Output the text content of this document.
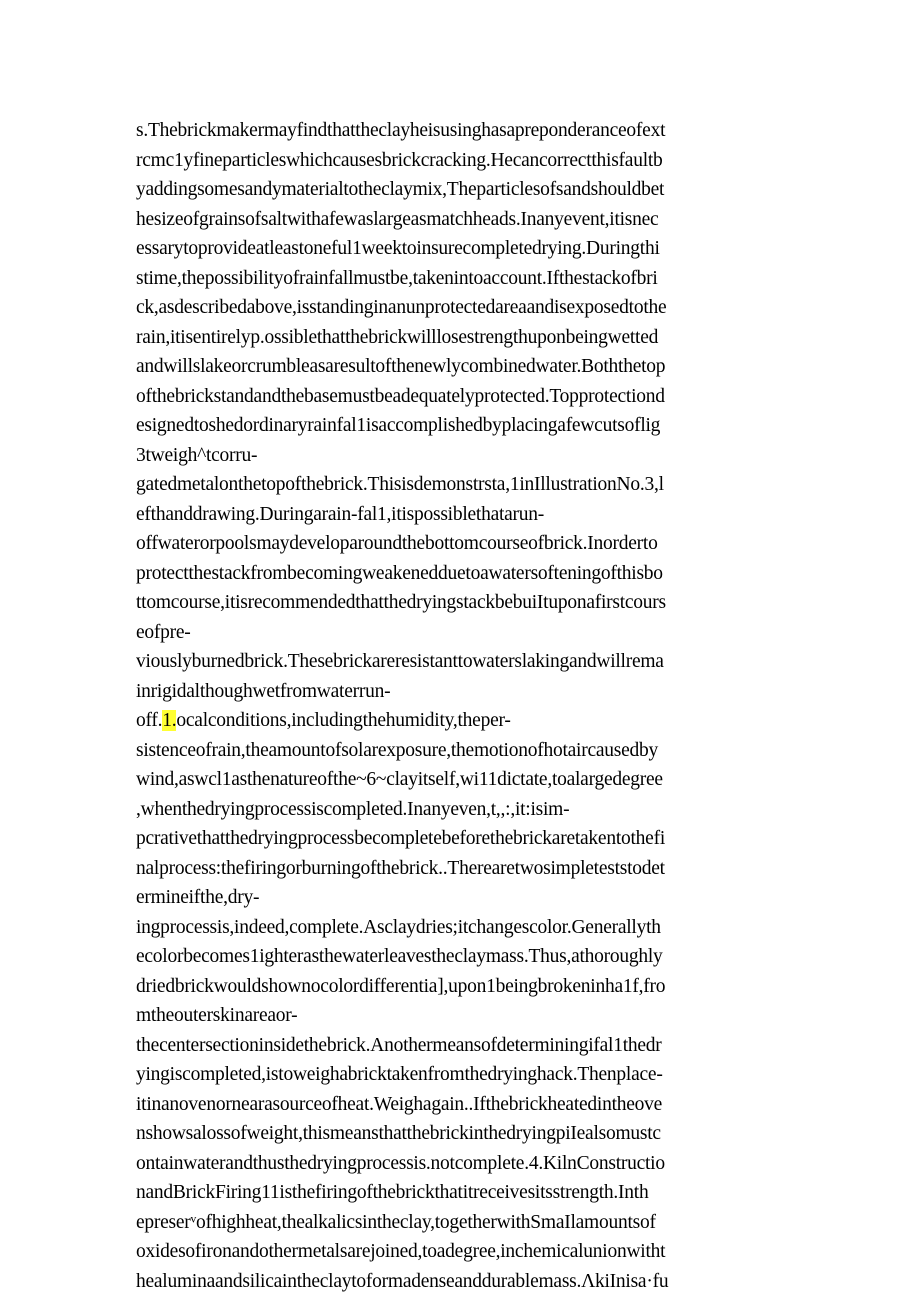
s.Thebrickmakermayfindthattheclayheisusinghasаpreponderanceofext
rcmc1yfineparticleswhichcausesbrickcracking.Hecancorrectthisfaultb
yaddingsomesandymaterialtotheclaymix,Theparticlesofsandshouldbet
hesizeofgrainsofsaltwithafewaslargeasmatchheads.Inanyevent,itisnec
essarytoprovideatleastoneful1weektoinsurecompletedrying.Duringthi
stime,thepossibilityofrainfallmustbe,takenintoaccount.Ifthestackofbri
ck,asdescribedabove,isstandinginanunprotectedareaandisexposedtothe
rain,itisentirelyp.ossiblethatthebrickwilllosestrengthuponbeingwetted
andwillslakeorcrumbleasaresultofthenewlycombinedwater.Boththetop
ofthebrickstandandthebasemustbeadequatelyprotected.Topprotectiond
esignedtoshedordinaryrainfal1isaccomplishedbyplacingafewcutsoflig
3tweigh^tcorru-
gatedmetalonthetopofthebrick.Thisisdemonstrsta,1inIllustrationNo.3,l
efthanddrawing.Duringarain-fal1,itispossiblethatarun-
offwaterorpoolsmaydeveloparoundthebottomcourseofbrick.Inorderto
protectthestackfrombecomingweakenedduetoawatersofteningofthisbo
ttomcourse,itisrecommendedthatthedryingstackbebuiItuponafirstcours
eofpre-
viouslyburnedbrick.Thesebrickareresistanttowaterslakingandwillrema
inrigidalthoughwetfromwaterrun-
off.1.ocalconditions,includingthehumidity,theper-
sistenceofrain,theamountofsolarexposure,themotionofhotaircausedby
wind,aswcl1asthenatureofthe~6~clayitself,wi11dictate,toalargedegree
,whenthedryingprocessiscompleted.Inanyeven,t,,:,it:isim-
pcrativethatthedryingprocessbecompletebeforethebrickaretakentothefi
nalprocess:thefiringorburningofthebrick..Therearetwosimpleteststodet
ermineifthe,dry-
ingprocessis,indeed,complete.Asclaydries;itchangescolor.Generallyth
ecolorbecomes1ighterasthewaterleavestheclaymass.Thus,athoroughly
driedbrickwouldshownocolordifferentia],upon1beingbrokeninha1f,fro
mtheouterskinareaor-
thecentersectioninsidethebrick.Anothermeansofdeterminingifal1thedr
yingiscompleted,istoweighabricktakenfromthedryinghack.Thenplace-
itinanovenornearasourceofheat.Weighagain..Ifthebrickheatedintheove
nshowsalossofweight,thismeansthatthebrickinthedryingpiIealsomustc
ontainwaterandthusthedryingprocessis.notcomplete.4.KilnConstructio
nandBrickFiring11isthefiringofthebrickthatitreceivesitsstrength.Inth
epreserᵛofhighheat,thealkalicsintheclay,togetherwithSmaIlamountsof
oxidesofironandothermetalsarejoined,toadegree,inchemicalunionwitht
healuminaandsilicaintheclaytoformadenseanddurablemass.ΛkiInisa·fu
